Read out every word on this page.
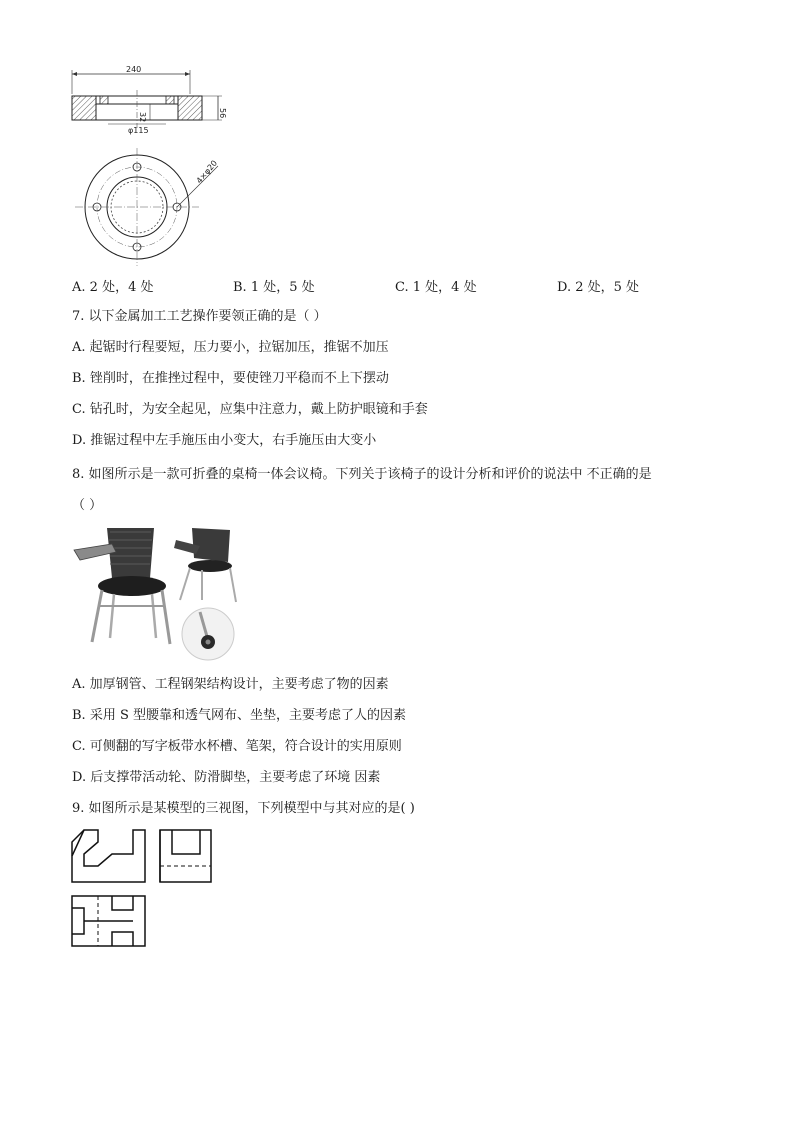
240
56
32
φ115
4×φ20
A. 2 处，4 处	B. 1 处，5 处	C. 1 处，4 处	D. 2 处，5 处
7. 以下金属加工工艺操作要领正确的是（ ）
A. 起锯时行程要短，压力要小，拉锯加压，推锯不加压
B. 锉削时，在推挫过程中，要使锉刀平稳而不上下摆动
C. 钻孔时，为安全起见，应集中注意力，戴上防护眼镜和手套
D. 推锯过程中左手施压由小变大，右手施压由大变小
8. 如图所示是一款可折叠的桌椅一体会议椅。下列关于该椅子的设计分析和评价的说法中 不正确的是
（ ）
A. 加厚钢管、工程钢架结构设计，主要考虑了物的因素
B. 采用 S 型腰靠和透气网布、坐垫，主要考虑了人的因素
C. 可侧翻的写字板带水杯槽、笔架，符合设计的实用原则
D. 后支撑带活动轮、防滑脚垫，主要考虑了环境 因素
9. 如图所示是某模型的三视图，下列模型中与其对应的是( )
